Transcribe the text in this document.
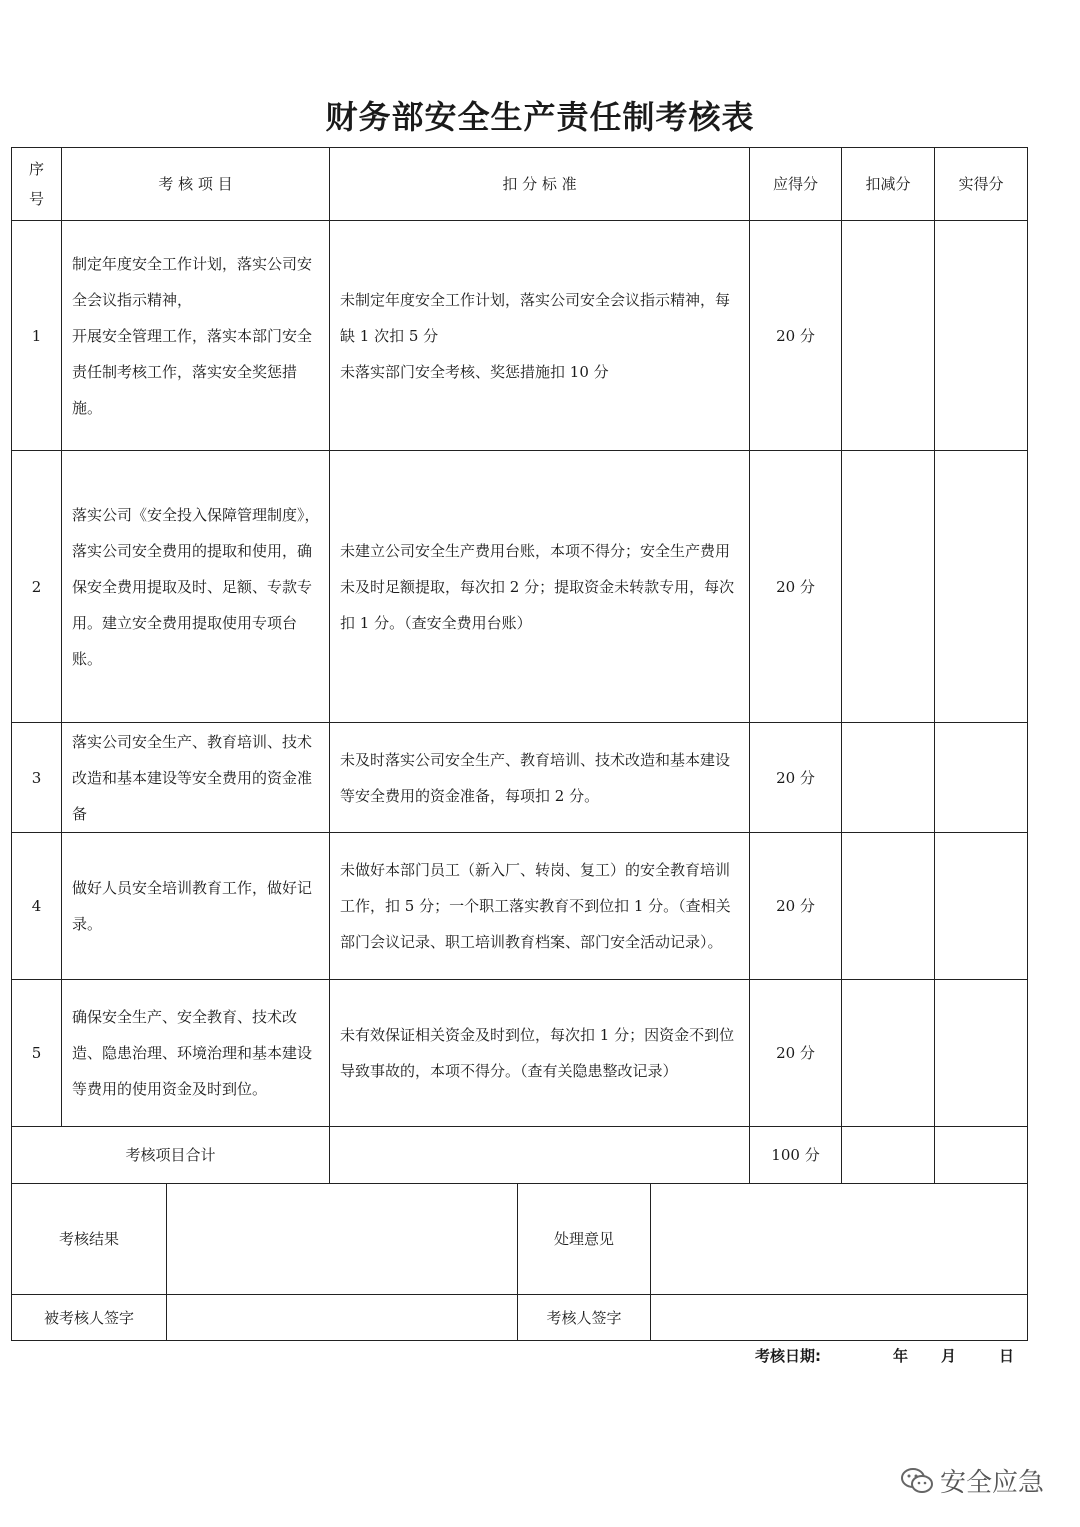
财务部安全生产责任制考核表
序
号	考 核 项 目	扣 分 标 准	应得分	扣减分	实得分
1	制定年度安全工作计划，落实公司安全会议指示精神，
开展安全管理工作，落实本部门安全责任制考核工作，落实安全奖惩措施。	未制定年度安全工作计划，落实公司安全会议指示精神，每缺 1 次扣 5 分
未落实部门安全考核、奖惩措施扣 10 分	20 分		
2	落实公司《安全投入保障管理制度》，落实公司安全费用的提取和使用，确保安全费用提取及时、足额、专款专用。建立安全费用提取使用专项台账。	未建立公司安全生产费用台账，本项不得分；安全生产费用未及时足额提取，每次扣 2 分；提取资金未转款专用，每次扣 1 分。（查安全费用台账）	20 分		
3	落实公司安全生产、教育培训、技术改造和基本建设等安全费用的资金准备	未及时落实公司安全生产、教育培训、技术改造和基本建设等安全费用的资金准备，每项扣 2 分。	20 分		
4	做好人员安全培训教育工作，做好记录。	未做好本部门员工（新入厂、转岗、复工）的安全教育培训工作，扣 5 分；一个职工落实教育不到位扣 1 分。（查相关部门会议记录、职工培训教育档案、部门安全活动记录）。	20 分		
5	确保安全生产、安全教育、技术改造、隐患治理、环境治理和基本建设等费用的使用资金及时到位。	未有效保证相关资金及时到位，每次扣 1 分；因资金不到位导致事故的，本项不得分。（查有关隐患整改记录）	20 分		
考核项目合计			100 分		
考核结果		处理意见	
被考核人签字		考核人签字	
考核日期:	年 月	日
安全应急
